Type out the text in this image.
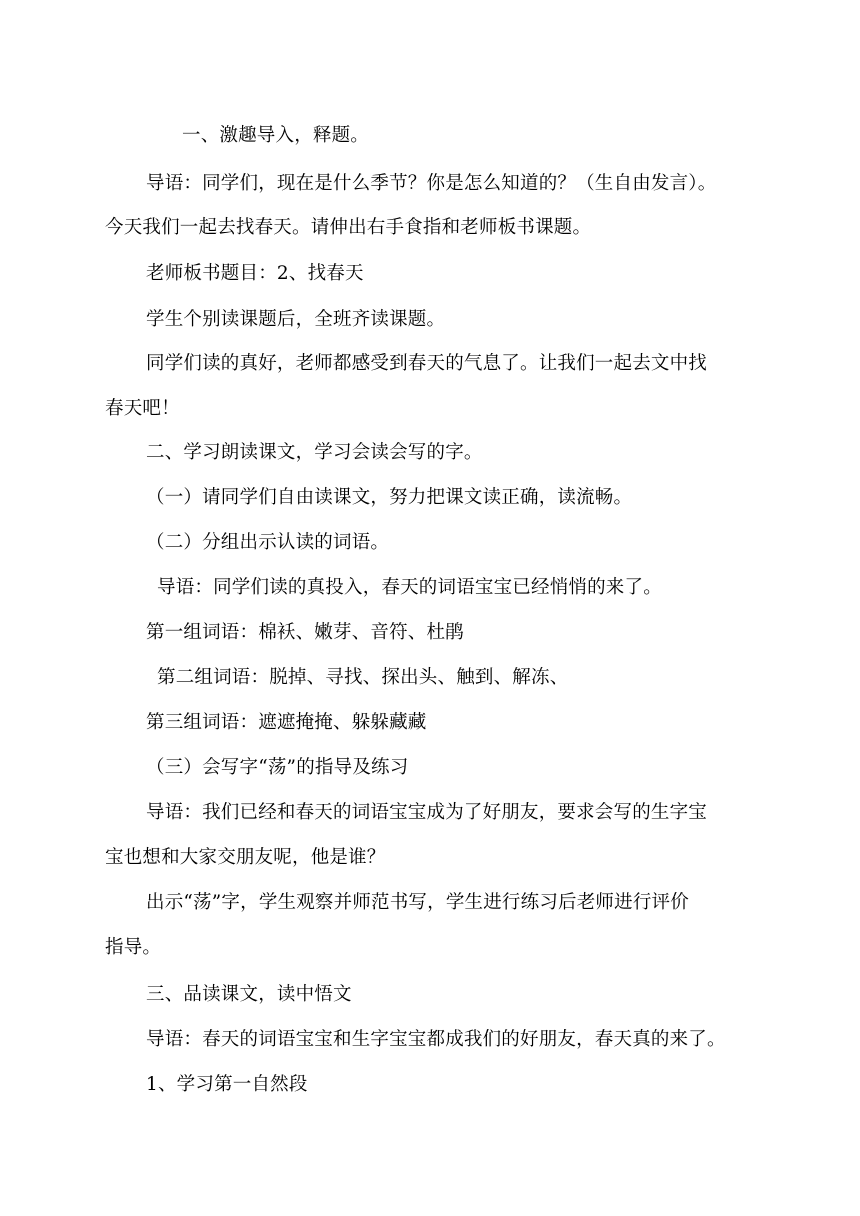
一、激趣导入，释题。
导语：同学们，现在是什么季节？你是怎么知道的？（生自由发言）。
今天我们一起去找春天。请伸出右手食指和老师板书课题。
老师板书题目：2、找春天
学生个别读课题后，全班齐读课题。
同学们读的真好，老师都感受到春天的气息了。让我们一起去文中找
春天吧！
二、学习朗读课文，学习会读会写的字。
（一）请同学们自由读课文，努力把课文读正确，读流畅。
（二）分组出示认读的词语。
导语：同学们读的真投入，春天的词语宝宝已经悄悄的来了。
第一组词语：棉袄、嫩芽、音符、杜鹃
第二组词语：脱掉、寻找、探出头、触到、解冻、
第三组词语：遮遮掩掩、躲躲藏藏
（三）会写字“荡”的指导及练习
导语：我们已经和春天的词语宝宝成为了好朋友，要求会写的生字宝
宝也想和大家交朋友呢，他是谁？
出示“荡”字，学生观察并师范书写，学生进行练习后老师进行评价
指导。
三、品读课文，读中悟文
导语：春天的词语宝宝和生字宝宝都成我们的好朋友，春天真的来了。
1、学习第一自然段
